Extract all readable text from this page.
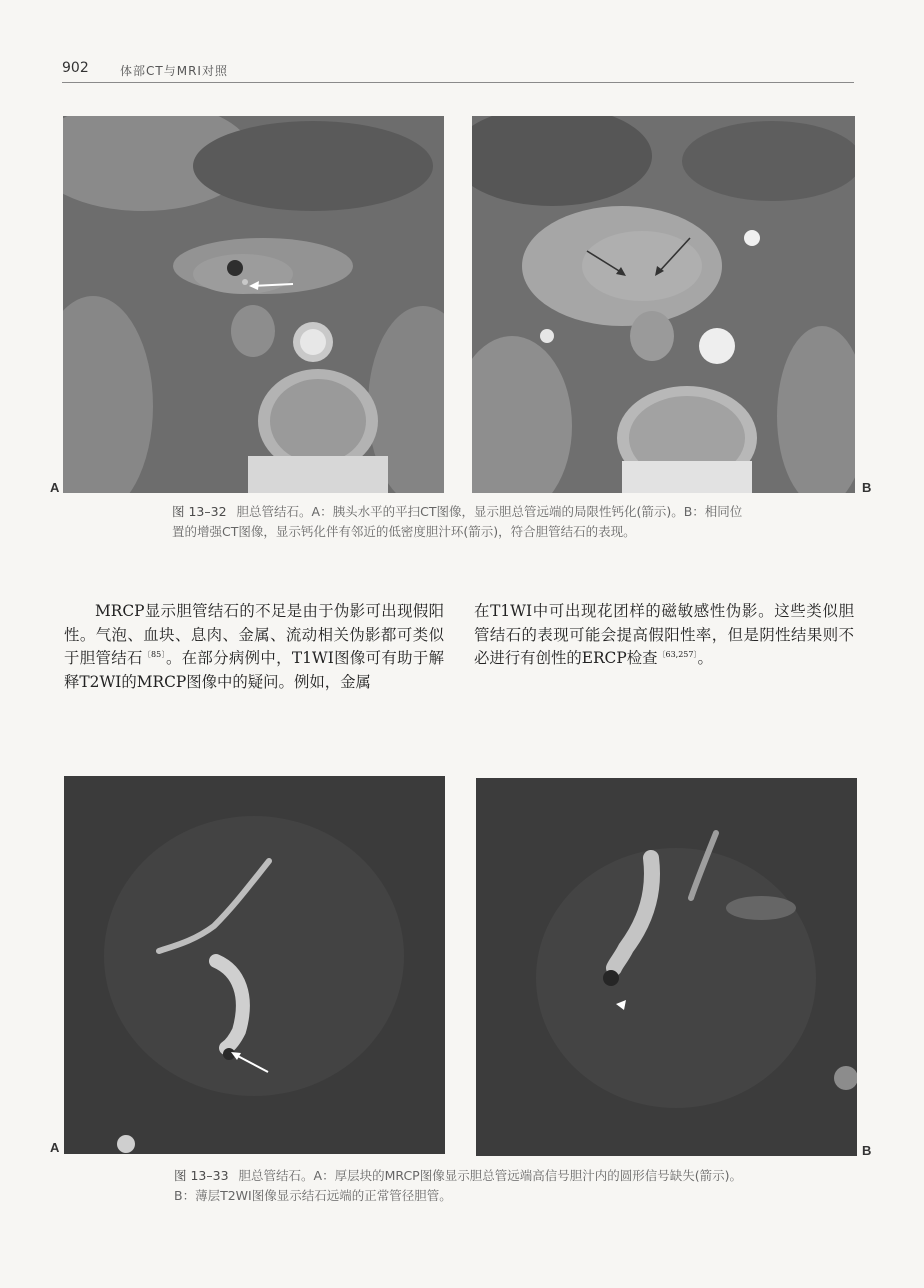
902	体部CT与MRI对照
A	B
图 13–32 胆总管结石。A：胰头水平的平扫CT图像，显示胆总管远端的局限性钙化(箭示)。B：相同位置的增强CT图像，显示钙化伴有邻近的低密度胆汁环(箭示)，符合胆管结石的表现。
MRCP显示胆管结石的不足是由于伪影可出现假阳性。气泡、血块、息肉、金属、流动相关伪影都可类似于胆管结石$^{〔85〕}$。在部分病例中，T1WI图像可有助于解释T2WI的MRCP图像中的疑问。例如，金属
在T1WI中可出现花团样的磁敏感性伪影。这些类似胆管结石的表现可能会提高假阳性率，但是阴性结果则不必进行有创性的ERCP检查$^{〔63,257〕}$。
A	B
图 13–33 胆总管结石。A：厚层块的MRCP图像显示胆总管远端高信号胆汁内的圆形信号缺失(箭示)。B：薄层T2WI图像显示结石远端的正常管径胆管。
